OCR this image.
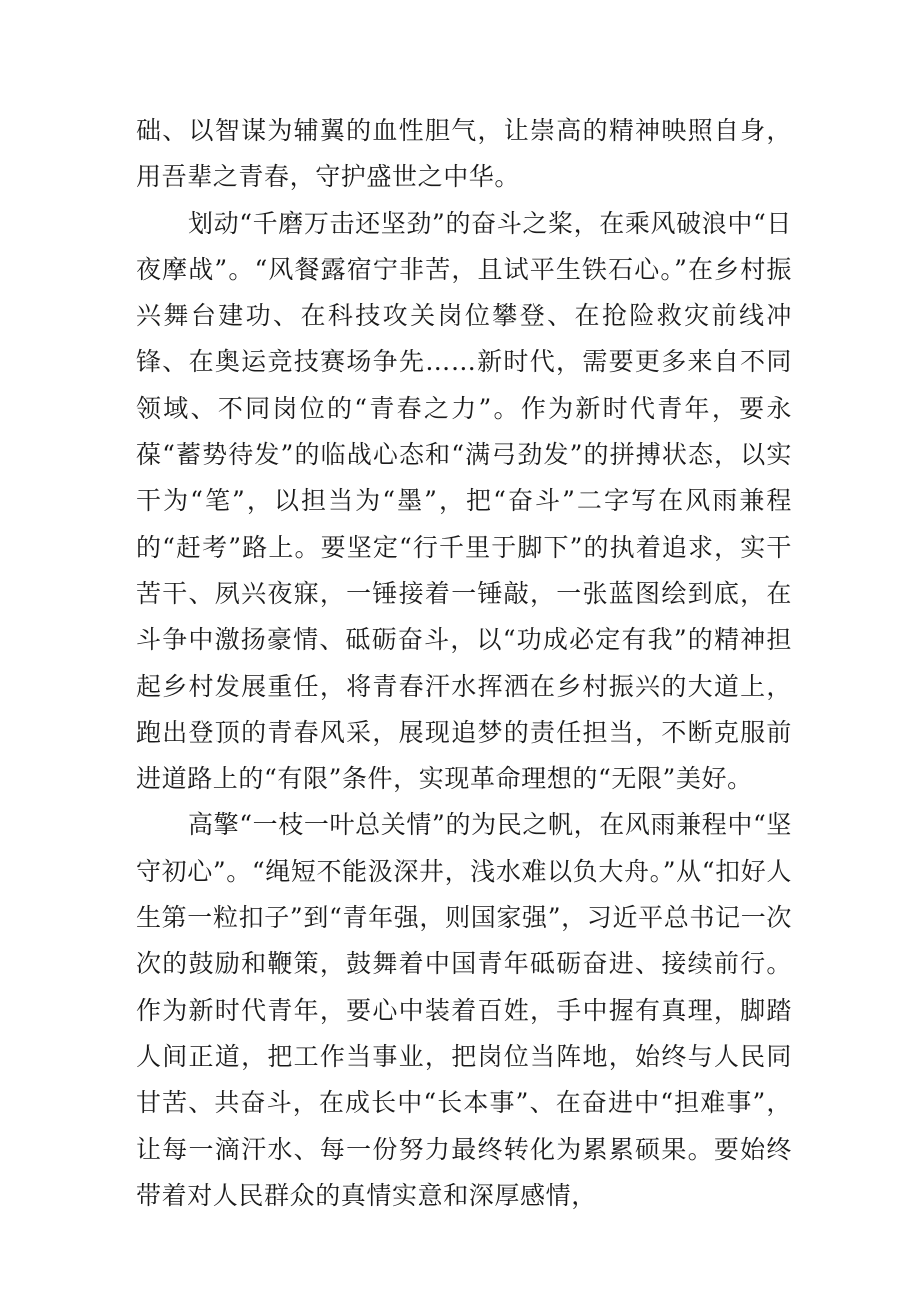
础、以智谋为辅翼的血性胆气，让崇高的精神映照自身，用吾辈之青春，守护盛世之中华。

划动“千磨万击还坚劲”的奋斗之桨，在乘风破浪中“日夜摩战”。“风餐露宿宁非苦，且试平生铁石心。”在乡村振兴舞台建功、在科技攻关岗位攀登、在抢险救灾前线冲锋、在奥运竞技赛场争先……新时代，需要更多来自不同领域、不同岗位的“青春之力”。作为新时代青年，要永葆“蓄势待发”的临战心态和“满弓劲发”的拼搏状态，以实干为“笔”，以担当为“墨”，把“奋斗”二字写在风雨兼程的“赶考”路上。要坚定“行千里于脚下”的执着追求，实干苦干、夙兴夜寐，一锤接着一锤敲，一张蓝图绘到底，在斗争中激扬豪情、砥砺奋斗，以“功成必定有我”的精神担起乡村发展重任，将青春汗水挥洒在乡村振兴的大道上，跑出登顶的青春风采，展现追梦的责任担当，不断克服前进道路上的“有限”条件，实现革命理想的“无限”美好。

高擎“一枝一叶总关情”的为民之帆，在风雨兼程中“坚守初心”。“绳短不能汲深井，浅水难以负大舟。”从“扣好人生第一粒扣子”到“青年强，则国家强”，习近平总书记一次次的鼓励和鞭策，鼓舞着中国青年砥砺奋进、接续前行。作为新时代青年，要心中装着百姓，手中握有真理，脚踏人间正道，把工作当事业，把岗位当阵地，始终与人民同甘苦、共奋斗，在成长中“长本事”、在奋进中“担难事”，让每一滴汗水、每一份努力最终转化为累累硕果。要始终带着对人民群众的真情实意和深厚感情，
